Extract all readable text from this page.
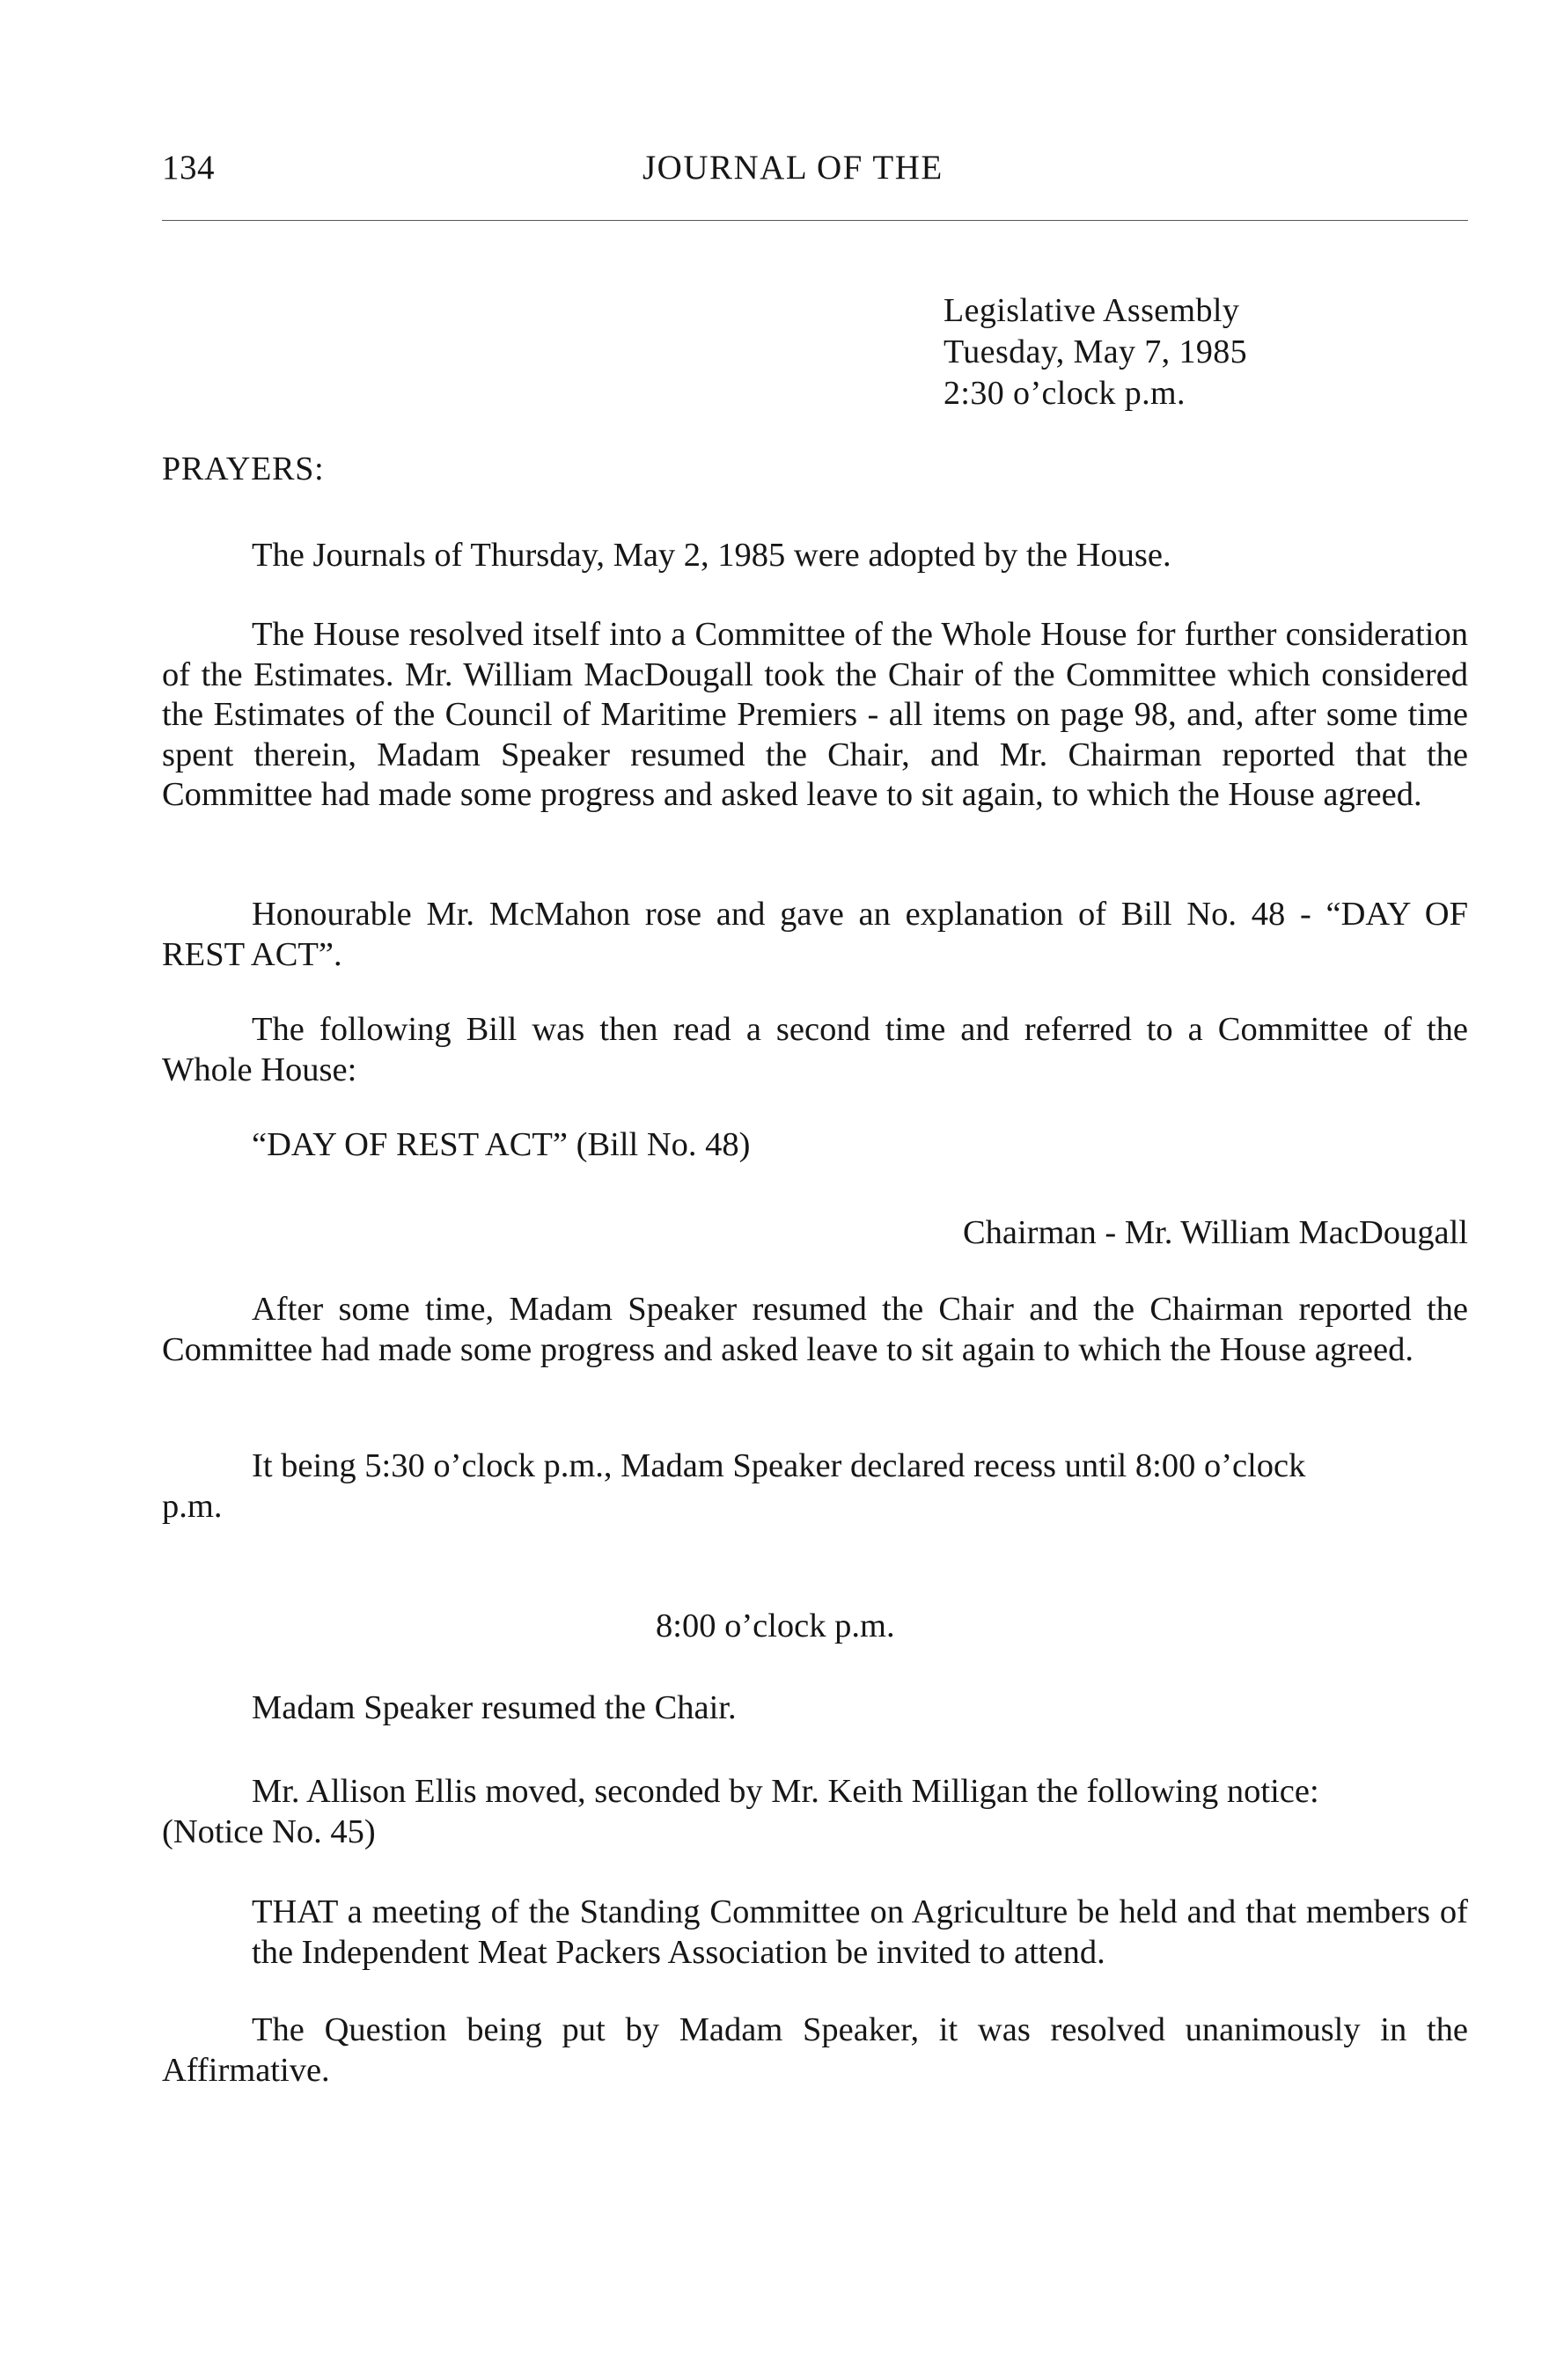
134	JOURNAL OF THE
Legislative Assembly
Tuesday, May 7, 1985
2:30 o’clock p.m.
PRAYERS:

The Journals of Thursday, May 2, 1985 were adopted by the House.

The House resolved itself into a Committee of the Whole House for further consideration of the Estimates. Mr. William MacDougall took the Chair of the Committee which considered the Estimates of the Council of Maritime Premiers - all items on page 98, and, after some time spent therein, Madam Speaker resumed the Chair, and Mr. Chairman reported that the Committee had made some progress and asked leave to sit again, to which the House agreed.

Honourable Mr. McMahon rose and gave an explanation of Bill No. 48 - “DAY OF REST ACT”.

The following Bill was then read a second time and referred to a Committee of the Whole House:

“DAY OF REST ACT” (Bill No. 48)
Chairman - Mr. William MacDougall

After some time, Madam Speaker resumed the Chair and the Chairman reported the Committee had made some progress and asked leave to sit again to which the House agreed.

It being 5:30 o’clock p.m., Madam Speaker declared recess until 8:00 o’clock
p.m.
8:00 o’clock p.m.
Madam Speaker resumed the Chair.
Mr. Allison Ellis moved, seconded by Mr. Keith Milligan the following notice:
(Notice No. 45)

THAT a meeting of the Standing Committee on Agriculture be held and that members of the Independent Meat Packers Association be invited to attend.

The Question being put by Madam Speaker, it was resolved unanimously in the Affirmative.
